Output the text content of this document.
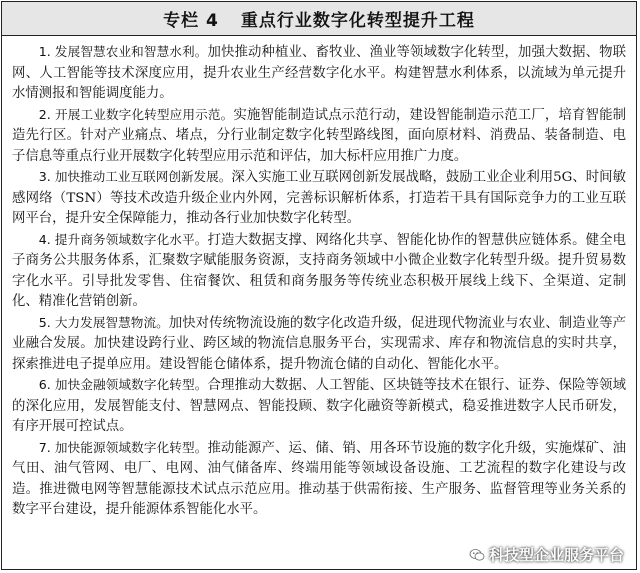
专栏 4 重点行业数字化转型提升工程

1. 发展智慧农业和智慧水利。加快推动种植业、畜牧业、渔业等领域数字化转型，加强大数据、物联网、人工智能等技术深度应用，提升农业生产经营数字化水平。构建智慧水利体系，以流域为单元提升水情测报和智能调度能力。

2. 开展工业数字化转型应用示范。实施智能制造试点示范行动，建设智能制造示范工厂，培育智能制造先行区。针对产业痛点、堵点，分行业制定数字化转型路线图，面向原材料、消费品、装备制造、电子信息等重点行业开展数字化转型应用示范和评估，加大标杆应用推广力度。

3. 加快推动工业互联网创新发展。深入实施工业互联网创新发展战略，鼓励工业企业利用5G、时间敏感网络（TSN）等技术改造升级企业内外网，完善标识解析体系，打造若干具有国际竞争力的工业互联网平台，提升安全保障能力，推动各行业加快数字化转型。

4. 提升商务领域数字化水平。打造大数据支撑、网络化共享、智能化协作的智慧供应链体系。健全电子商务公共服务体系，汇聚数字赋能服务资源，支持商务领域中小微企业数字化转型升级。提升贸易数字化水平。引导批发零售、住宿餐饮、租赁和商务服务等传统业态积极开展线上线下、全渠道、定制化、精准化营销创新。

5. 大力发展智慧物流。加快对传统物流设施的数字化改造升级，促进现代物流业与农业、制造业等产业融合发展。加快建设跨行业、跨区域的物流信息服务平台，实现需求、库存和物流信息的实时共享，探索推进电子提单应用。建设智能仓储体系，提升物流仓储的自动化、智能化水平。

6. 加快金融领域数字化转型。合理推动大数据、人工智能、区块链等技术在银行、证券、保险等领域的深化应用，发展智能支付、智慧网点、智能投顾、数字化融资等新模式，稳妥推进数字人民币研发，有序开展可控试点。

7. 加快能源领域数字化转型。推动能源产、运、储、销、用各环节设施的数字化升级，实施煤矿、油气田、油气管网、电厂、电网、油气储备库、终端用能等领域设备设施、工艺流程的数字化建设与改造。推进微电网等智慧能源技术试点示范应用。推动基于供需衔接、生产服务、监督管理等业务关系的数字平台建设，提升能源体系智能化水平。

科技型企业服务平台
